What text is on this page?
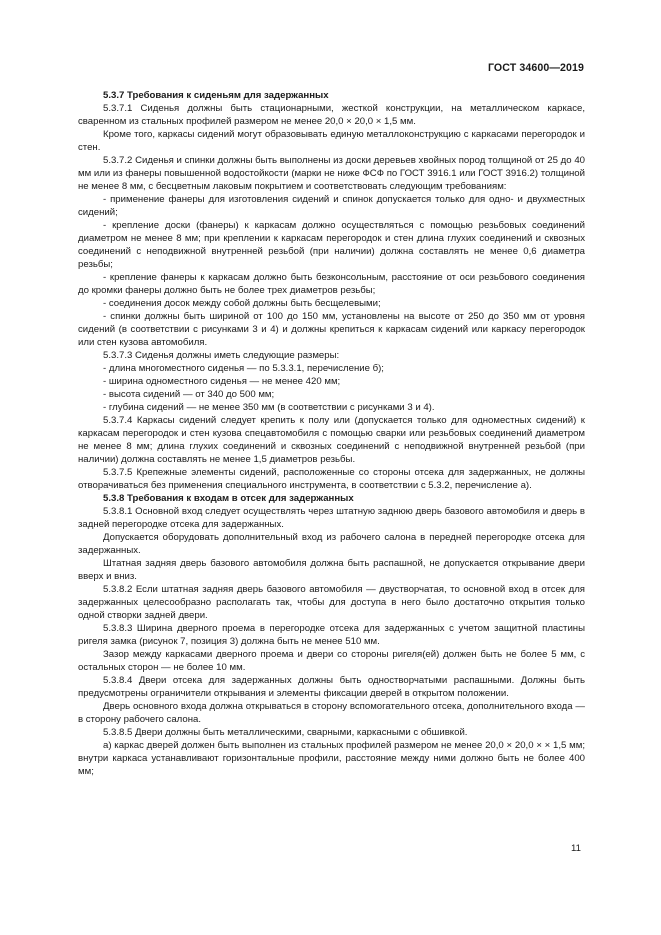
ГОСТ 34600—2019

5.3.7 Требования к сиденьям для задержанных

5.3.7.1 Сиденья должны быть стационарными, жесткой конструкции, на металлическом каркасе, сваренном из стальных профилей размером не менее 20,0 × 20,0 × 1,5 мм.

Кроме того, каркасы сидений могут образовывать единую металлоконструкцию с каркасами перегородок и стен.

5.3.7.2 Сиденья и спинки должны быть выполнены из доски деревьев хвойных пород толщиной от 25 до 40 мм или из фанеры повышенной водостойкости (марки не ниже ФСФ по ГОСТ 3916.1 или ГОСТ 3916.2) толщиной не менее 8 мм, с бесцветным лаковым покрытием и соответствовать следующим требованиям:

- применение фанеры для изготовления сидений и спинок допускается только для одно- и двухместных сидений;

- крепление доски (фанеры) к каркасам должно осуществляться с помощью резьбовых соединений диаметром не менее 8 мм; при креплении к каркасам перегородок и стен длина глухих соединений и сквозных соединений с неподвижной внутренней резьбой (при наличии) должна составлять не менее 0,6 диаметра резьбы;

- крепление фанеры к каркасам должно быть безконсольным, расстояние от оси резьбового соединения до кромки фанеры должно быть не более трех диаметров резьбы;

- соединения досок между собой должны быть бесщелевыми;

- спинки должны быть шириной от 100 до 150 мм, установлены на высоте от 250 до 350 мм от уровня сидений (в соответствии с рисунками 3 и 4) и должны крепиться к каркасам сидений или каркасу перегородок или стен кузова автомобиля.

5.3.7.3 Сиденья должны иметь следующие размеры:

- длина многоместного сиденья — по 5.3.3.1, перечисление б);

- ширина одноместного сиденья — не менее 420 мм;

- высота сидений — от 340 до 500 мм;

- глубина сидений — не менее 350 мм (в соответствии с рисунками 3 и 4).

5.3.7.4 Каркасы сидений следует крепить к полу или (допускается только для одноместных сидений) к каркасам перегородок и стен кузова спецавтомобиля с помощью сварки или резьбовых соединений диаметром не менее 8 мм; длина глухих соединений и сквозных соединений с неподвижной внутренней резьбой (при наличии) должна составлять не менее 1,5 диаметров резьбы.

5.3.7.5 Крепежные элементы сидений, расположенные со стороны отсека для задержанных, не должны отворачиваться без применения специального инструмента, в соответствии с 5.3.2, перечисление а).

5.3.8 Требования к входам в отсек для задержанных

5.3.8.1 Основной вход следует осуществлять через штатную заднюю дверь базового автомобиля и дверь в задней перегородке отсека для задержанных.

Допускается оборудовать дополнительный вход из рабочего салона в передней перегородке отсека для задержанных.

Штатная задняя дверь базового автомобиля должна быть распашной, не допускается открывание двери вверх и вниз.

5.3.8.2 Если штатная задняя дверь базового автомобиля — двустворчатая, то основной вход в отсек для задержанных целесообразно располагать так, чтобы для доступа в него было достаточно открытия только одной створки задней двери.

5.3.8.3 Ширина дверного проема в перегородке отсека для задержанных с учетом защитной пластины ригеля замка (рисунок 7, позиция 3) должна быть не менее 510 мм.

Зазор между каркасами дверного проема и двери со стороны ригеля(ей) должен быть не более 5 мм, с остальных сторон — не более 10 мм.

5.3.8.4 Двери отсека для задержанных должны быть одностворчатыми распашными. Должны быть предусмотрены ограничители открывания и элементы фиксации дверей в открытом положении.

Дверь основного входа должна открываться в сторону вспомогательного отсека, дополнительного входа — в сторону рабочего салона.

5.3.8.5 Двери должны быть металлическими, сварными, каркасными с обшивкой.

а) каркас дверей должен быть выполнен из стальных профилей размером не менее 20,0 × 20,0 × × 1,5 мм; внутри каркаса устанавливают горизонтальные профили, расстояние между ними должно быть не более 400 мм;

11
